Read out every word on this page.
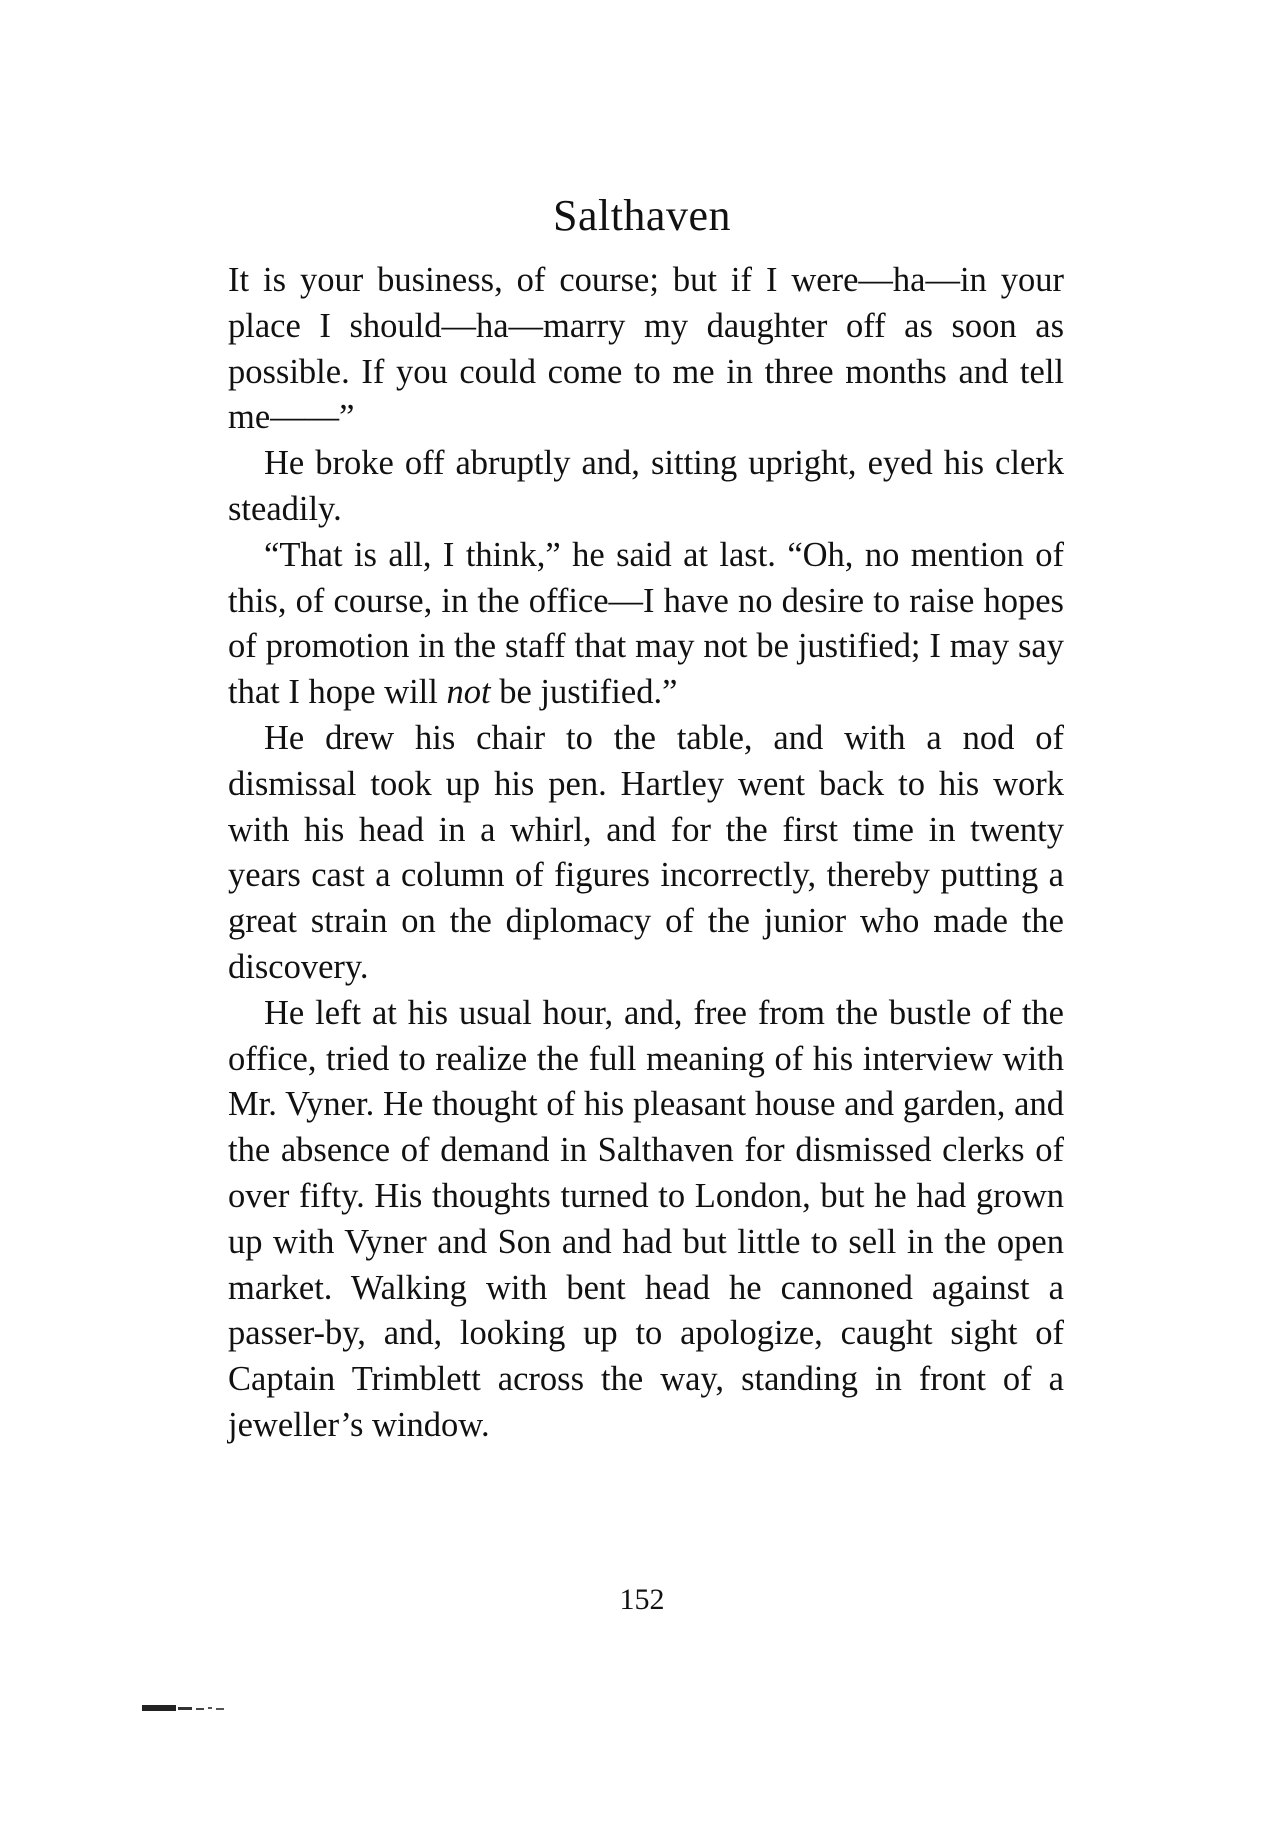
Salthaven

It is your business, of course; but if I were—ha—in your place I should—ha—marry my daughter off as soon as possible. If you could come to me in three months and tell me——”

He broke off abruptly and, sitting upright, eyed his clerk steadily.

“That is all, I think,” he said at last. “Oh, no mention of this, of course, in the office—I have no desire to raise hopes of promotion in the staff that may not be justified; I may say that I hope will not be justified.”

He drew his chair to the table, and with a nod of dismissal took up his pen. Hartley went back to his work with his head in a whirl, and for the first time in twenty years cast a column of figures incorrectly, thereby putting a great strain on the diplomacy of the junior who made the discovery.

He left at his usual hour, and, free from the bustle of the office, tried to realize the full meaning of his interview with Mr. Vyner. He thought of his pleasant house and garden, and the absence of demand in Salthaven for dismissed clerks of over fifty. His thoughts turned to London, but he had grown up with Vyner and Son and had but little to sell in the open market. Walking with bent head he cannoned against a passer-by, and, looking up to apologize, caught sight of Captain Trimblett across the way, standing in front of a jeweller’s window.

152
